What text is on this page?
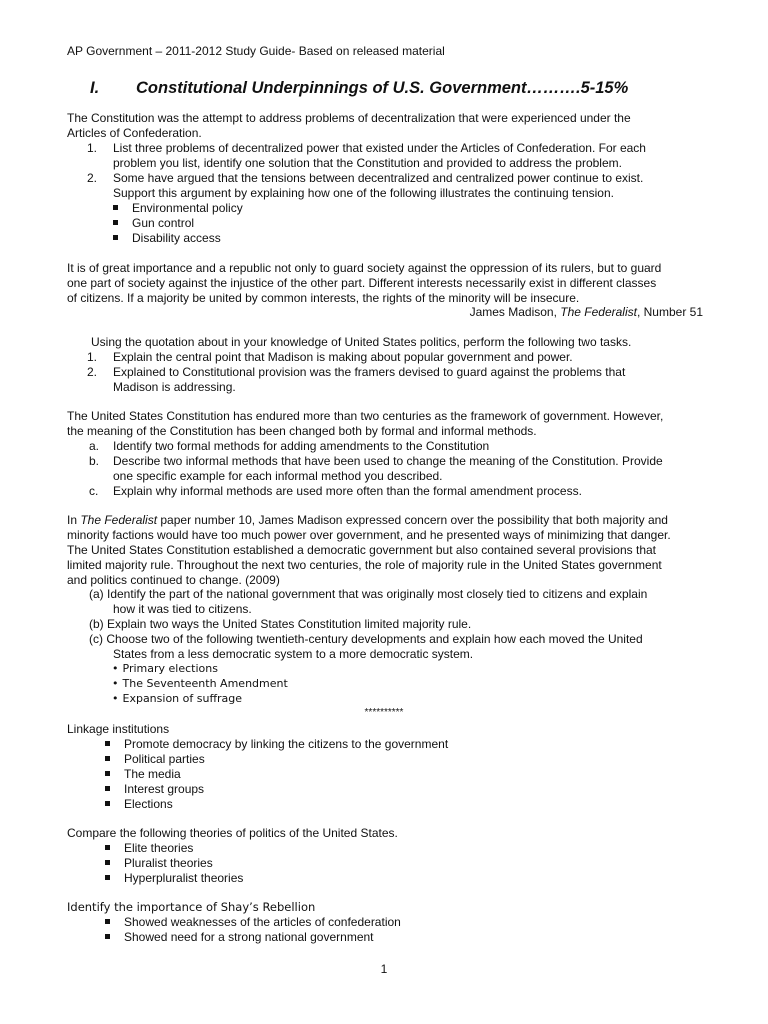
AP Government – 2011-2012 Study Guide- Based on released material
I. Constitutional Underpinnings of U.S. Government……….5-15%
The Constitution was the attempt to address problems of decentralization that were experienced under the
Articles of Confederation.
1. List three problems of decentralized power that existed under the Articles of Confederation. For each
problem you list, identify one solution that the Constitution and provided to address the problem.
2. Some have argued that the tensions between decentralized and centralized power continue to exist.
Support this argument by explaining how one of the following illustrates the continuing tension.
Environmental policy
Gun control
Disability access
It is of great importance and a republic not only to guard society against the oppression of its rulers, but to guard
one part of society against the injustice of the other part. Different interests necessarily exist in different classes
of citizens. If a majority be united by common interests, the rights of the minority will be insecure.
James Madison, The Federalist, Number 51
Using the quotation about in your knowledge of United States politics, perform the following two tasks.
1. Explain the central point that Madison is making about popular government and power.
2. Explained to Constitutional provision was the framers devised to guard against the problems that
Madison is addressing.
The United States Constitution has endured more than two centuries as the framework of government. However,
the meaning of the Constitution has been changed both by formal and informal methods.
a. Identify two formal methods for adding amendments to the Constitution
b. Describe two informal methods that have been used to change the meaning of the Constitution. Provide
one specific example for each informal method you described.
c. Explain why informal methods are used more often than the formal amendment process.
In The Federalist paper number 10, James Madison expressed concern over the possibility that both majority and
minority factions would have too much power over government, and he presented ways of minimizing that danger.
The United States Constitution established a democratic government but also contained several provisions that
limited majority rule. Throughout the next two centuries, the role of majority rule in the United States government
and politics continued to change. (2009)
(a) Identify the part of the national government that was originally most closely tied to citizens and explain
how it was tied to citizens.
(b) Explain two ways the United States Constitution limited majority rule.
(c) Choose two of the following twentieth-century developments and explain how each moved the United
States from a less democratic system to a more democratic system.
• Primary elections
• The Seventeenth Amendment
• Expansion of suffrage
**********
Linkage institutions
Promote democracy by linking the citizens to the government
Political parties
The media
Interest groups
Elections
Compare the following theories of politics of the United States.
Elite theories
Pluralist theories
Hyperpluralist theories
Identify the importance of Shay’s Rebellion
Showed weaknesses of the articles of confederation
Showed need for a strong national government
1
